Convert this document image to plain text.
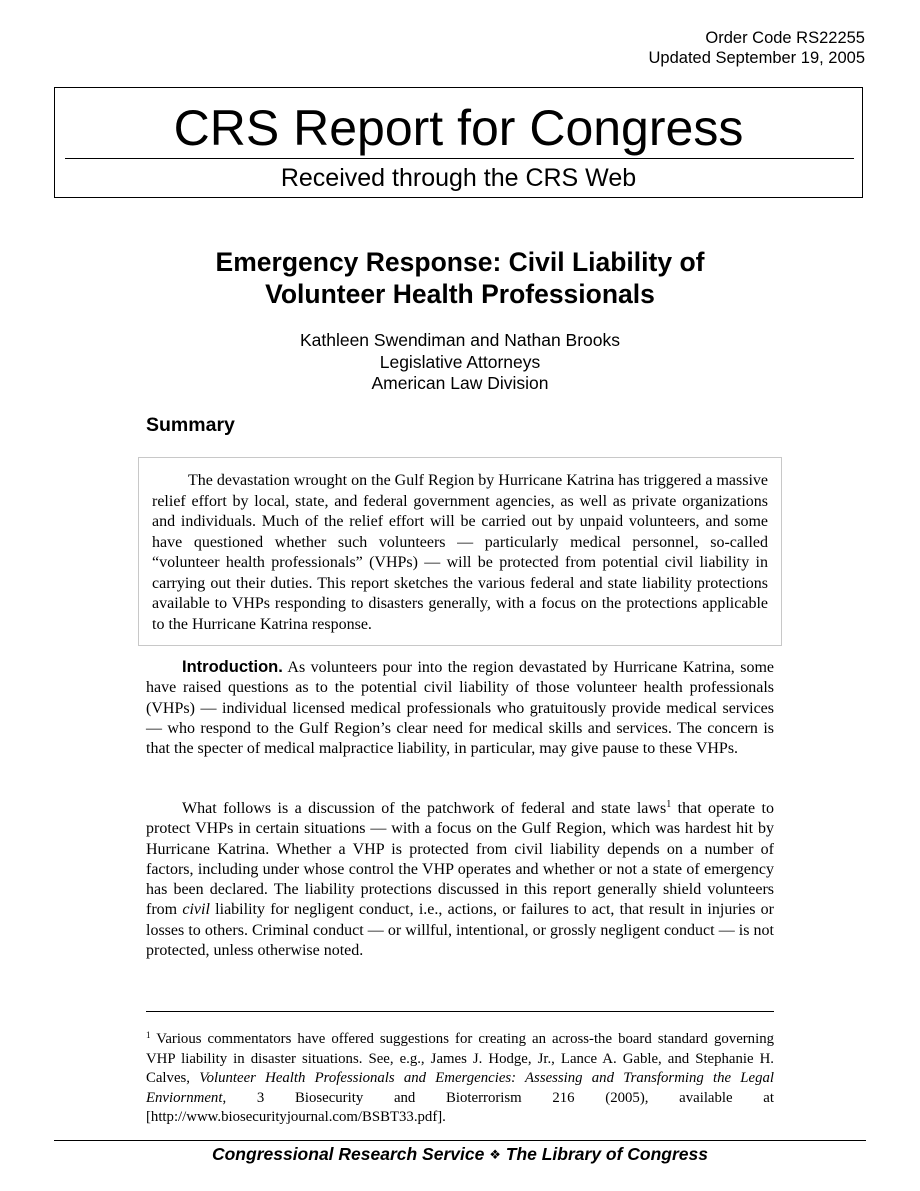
Order Code RS22255
Updated September 19, 2005
CRS Report for Congress
Received through the CRS Web
Emergency Response: Civil Liability of
Volunteer Health Professionals
Kathleen Swendiman and Nathan Brooks
Legislative Attorneys
American Law Division
Summary

The devastation wrought on the Gulf Region by Hurricane Katrina has triggered a massive relief effort by local, state, and federal government agencies, as well as private organizations and individuals. Much of the relief effort will be carried out by unpaid volunteers, and some have questioned whether such volunteers — particularly medical personnel, so-called “volunteer health professionals” (VHPs) — will be protected from potential civil liability in carrying out their duties. This report sketches the various federal and state liability protections available to VHPs responding to disasters generally, with a focus on the protections applicable to the Hurricane Katrina response.

Introduction. As volunteers pour into the region devastated by Hurricane Katrina, some have raised questions as to the potential civil liability of those volunteer health professionals (VHPs) — individual licensed medical professionals who gratuitously provide medical services — who respond to the Gulf Region’s clear need for medical skills and services. The concern is that the specter of medical malpractice liability, in particular, may give pause to these VHPs.

What follows is a discussion of the patchwork of federal and state laws$^1$ that operate to protect VHPs in certain situations — with a focus on the Gulf Region, which was hardest hit by Hurricane Katrina. Whether a VHP is protected from civil liability depends on a number of factors, including under whose control the VHP operates and whether or not a state of emergency has been declared. The liability protections discussed in this report generally shield volunteers from civil liability for negligent conduct, i.e., actions, or failures to act, that result in injuries or losses to others. Criminal conduct — or willful, intentional, or grossly negligent conduct — is not protected, unless otherwise noted.

$^1$ Various commentators have offered suggestions for creating an across-the board standard governing VHP liability in disaster situations. See, e.g., James J. Hodge, Jr., Lance A. Gable, and Stephanie H. Calves, Volunteer Health Professionals and Emergencies: Assessing and Transforming the Legal Enviornment, 3 Biosecurity and Bioterrorism 216 (2005), available at [http://www.biosecurityjournal.com/BSBT33.pdf].

Congressional Research Service ❖ The Library of Congress
